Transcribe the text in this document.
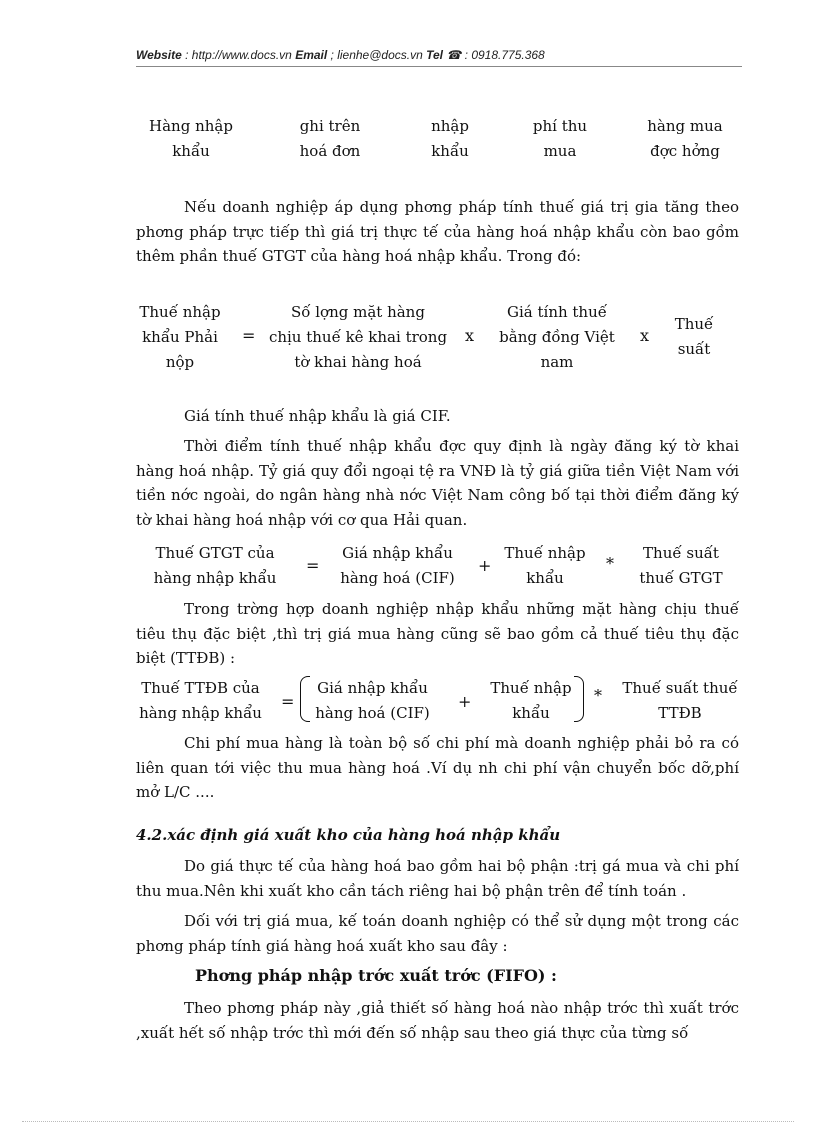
Website : http://www.docs.vn Email ; lienhe@docs.vn Tel ☎ : 0918.775.368
Hàng nhập
khẩu
ghi trên
hoá đơn
nhập
khẩu
phí thu
mua
hàng mua
đợc hởng
Nếu doanh nghiệp áp dụng phơng pháp tính thuế giá trị gia tăng theo phơng pháp trực tiếp thì giá trị thực tế của hàng hoá nhập khẩu còn bao gồm thêm phần thuế GTGT của hàng hoá nhập khẩu. Trong đó:
Thuế nhập
khẩu Phải
nộp
=
Số lợng mặt hàng
chịu thuế kê khai trong
tờ khai hàng hoá
x
Giá tính thuế
bằng đồng Việt
nam
x
Thuế
suất
Giá tính thuế nhập khẩu là giá CIF.
Thời điểm tính thuế nhập khẩu đợc quy định là ngày đăng ký tờ khai hàng hoá nhập. Tỷ giá quy đổi ngoại tệ ra VNĐ là tỷ giá giữa tiền Việt Nam với tiền nớc ngoài, do ngân hàng nhà nớc Việt Nam công bố tại thời điểm đăng ký tờ khai hàng hoá nhập với cơ qua Hải quan.
Thuế GTGT của
hàng nhập khẩu
=
Giá nhập khẩu
hàng hoá (CIF)
+
Thuế nhập
khẩu
*
Thuế suất
thuế GTGT
Trong trờng hợp doanh nghiệp nhập khẩu những mặt hàng chịu thuế tiêu thụ đặc biệt ,thì trị giá mua hàng cũng sẽ bao gồm cả thuế tiêu thụ đặc biệt (TTĐB) :
Thuế TTĐB của
hàng nhập khẩu
=
Giá nhập khẩu
hàng hoá (CIF)
+
Thuế nhập
khẩu
*	Thuế suất thuế
TTĐB
Chi phí mua hàng là toàn bộ số chi phí mà doanh nghiệp phải bỏ ra có liên quan tới việc thu mua hàng hoá .Ví dụ nh chi phí vận chuyển bốc dỡ,phí mở L/C ....
4.2.xác định giá xuất kho của hàng hoá nhập khẩu
Do giá thực tế của hàng hoá bao gồm hai bộ phận :trị gá mua và chi phí thu mua.Nên khi xuất kho cần tách riêng hai bộ phận trên để tính toán .
Dối với trị giá mua, kế toán doanh nghiệp có thể sử dụng một trong các phơng pháp tính giá hàng hoá xuất kho sau đây :
Phơng pháp nhập trớc xuất trớc (FIFO) :
Theo phơng pháp này ,giả thiết số hàng hoá nào nhập trớc thì xuất trớc ,xuất hết số nhập trớc thì mới đến số nhập sau theo giá thực của từng số
